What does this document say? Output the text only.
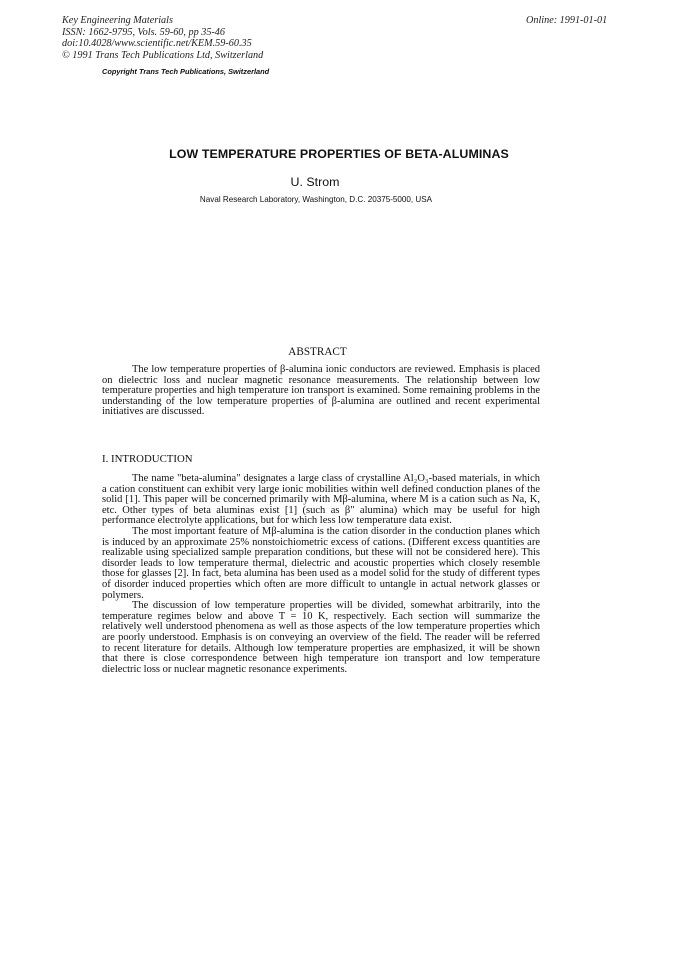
Key Engineering Materials
ISSN: 1662-9795, Vols. 59-60, pp 35-46
doi:10.4028/www.scientific.net/KEM.59-60.35
© 1991 Trans Tech Publications Ltd, Switzerland
Online: 1991-01-01
Copyright Trans Tech Publications, Switzerland
LOW TEMPERATURE PROPERTIES OF BETA-ALUMINAS
U. Strom
Naval Research Laboratory, Washington, D.C. 20375-5000, USA
ABSTRACT

The low temperature properties of β-alumina ionic conductors are reviewed. Emphasis is placed on dielectric loss and nuclear magnetic resonance measurements. The relationship between low temperature properties and high temperature ion transport is examined. Some remaining problems in the understanding of the low temperature properties of β-alumina are outlined and recent experimental initiatives are discussed.

I. INTRODUCTION

The name "beta-alumina" designates a large class of crystalline Al₂O₃-based materials, in which a cation constituent can exhibit very large ionic mobilities within well defined conduction planes of the solid [1]. This paper will be concerned primarily with Mβ-alumina, where M is a cation such as Na, K, etc. Other types of beta aluminas exist [1] (such as β" alumina) which may be useful for high performance electrolyte applications, but for which less low temperature data exist.

The most important feature of Mβ-alumina is the cation disorder in the conduction planes which is induced by an approximate 25% nonstoichiometric excess of cations. (Different excess quantities are realizable using specialized sample preparation conditions, but these will not be considered here). This disorder leads to low temperature thermal, dielectric and acoustic properties which closely resemble those for glasses [2]. In fact, beta alumina has been used as a model solid for the study of different types of disorder induced properties which often are more difficult to untangle in actual network glasses or polymers.

The discussion of low temperature properties will be divided, somewhat arbitrarily, into the temperature regimes below and above T = 10 K, respectively. Each section will summarize the relatively well understood phenomena as well as those aspects of the low temperature properties which are poorly understood. Emphasis is on conveying an overview of the field. The reader will be referred to recent literature for details. Although low temperature properties are emphasized, it will be shown that there is close correspondence between high temperature ion transport and low temperature dielectric loss or nuclear magnetic resonance experiments.
